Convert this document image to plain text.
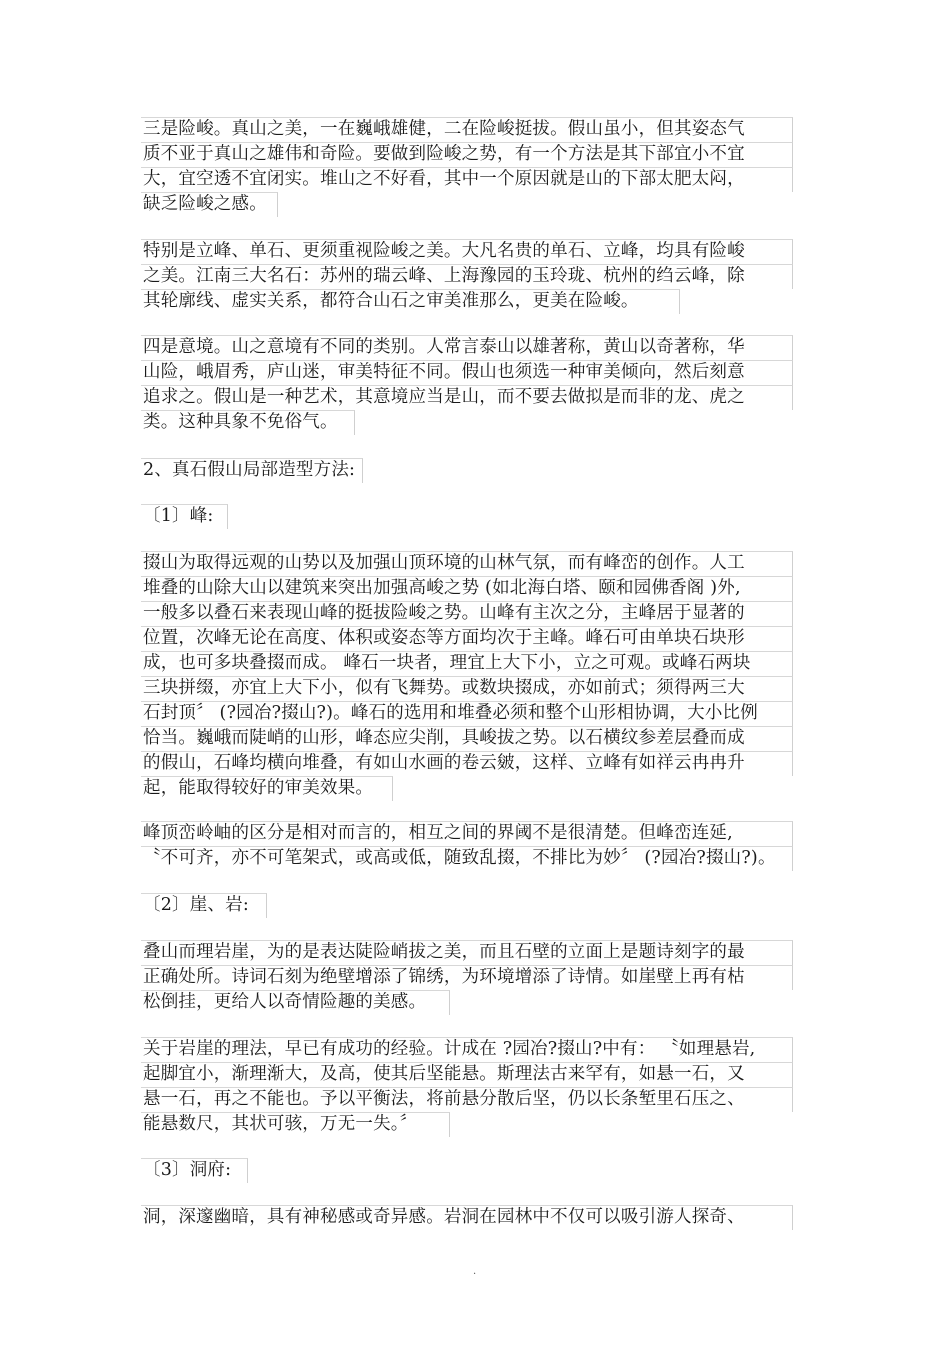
三是险峻。真山之美，一在巍峨雄健，二在险峻挺拔。假山虽小，但其姿态气
质不亚于真山之雄伟和奇险。要做到险峻之势，有一个方法是其下部宜小不宜
大，宜空透不宜闭实。堆山之不好看，其中一个原因就是山的下部太肥太闷，
缺乏险峻之感。
特别是立峰、单石、更须重视险峻之美。大凡名贵的单石、立峰，均具有险峻
之美。江南三大名石：苏州的瑞云峰、上海豫园的玉玲珑、杭州的绉云峰，除
其轮廓线、虚实关系，都符合山石之审美准那么，更美在险峻。
四是意境。山之意境有不同的类别。人常言泰山以雄著称，黄山以奇著称，华
山险，峨眉秀，庐山迷，审美特征不同。假山也须选一种审美倾向，然后刻意
追求之。假山是一种艺术，其意境应当是山，而不要去做拟是而非的龙、虎之
类。这种具象不免俗气。
2、真石假山局部造型方法:
〔1〕峰:
掇山为取得远观的山势以及加强山顶环境的山林气氛，而有峰峦的创作。人工
堆叠的山除大山以建筑来突出加强高峻之势 (如北海白塔、颐和园佛香阁 )外,
一般多以叠石来表现山峰的挺拔险峻之势。山峰有主次之分，主峰居于显著的
位置，次峰无论在高度、体积或姿态等方面均次于主峰。峰石可由单块石块形
成，也可多块叠掇而成。 峰石一块者，理宜上大下小，立之可观。或峰石两块
三块拼缀，亦宜上大下小，似有飞舞势。或数块掇成，亦如前式；须得两三大
石封顶〞 (?园冶?掇山?)。峰石的选用和堆叠必须和整个山形相协调，大小比例
恰当。巍峨而陡峭的山形，峰态应尖削，具峻拔之势。以石横纹参差层叠而成
的假山，石峰均横向堆叠，有如山水画的卷云皴，这样、立峰有如祥云冉冉升
起，能取得较好的审美效果。
峰顶峦岭岫的区分是相对而言的，相互之间的界阈不是很清楚。但峰峦连延,
〝不可齐，亦不可笔架式，或高或低，随致乱掇，不排比为妙〞 (?园冶?掇山?)。
〔2〕崖、岩:
叠山而理岩崖，为的是表达陡险峭拔之美，而且石壁的立面上是题诗刻字的最
正确处所。诗词石刻为绝壁增添了锦绣，为环境增添了诗情。如崖壁上再有枯
松倒挂，更给人以奇情险趣的美感。
关于岩崖的理法，早已有成功的经验。计成在 ?园冶?掇山?中有： 〝如理悬岩,
起脚宜小，渐理渐大，及高，使其后坚能悬。斯理法古来罕有，如悬一石，又
悬一石，再之不能也。予以平衡法，将前悬分散后坚，仍以长条堑里石压之、
能悬数尺，其状可骇，万无一失。〞
〔3〕洞府:
洞，深邃幽暗，具有神秘感或奇异感。岩洞在园林中不仅可以吸引游人探奇、
.
